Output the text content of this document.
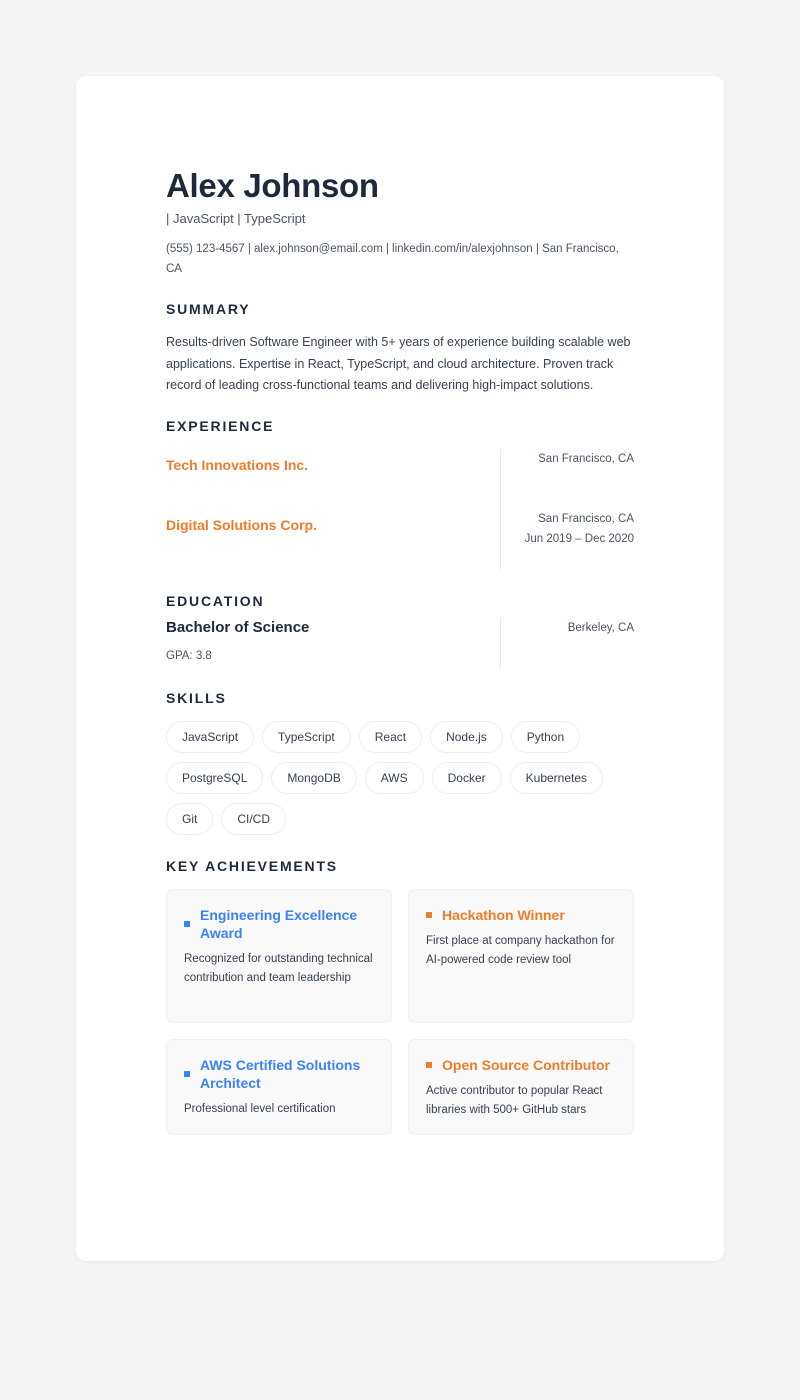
Alex Johnson
| JavaScript | TypeScript
(555) 123-4567 | alex.johnson@email.com | linkedin.com/in/alexjohnson | San Francisco, CA
SUMMARY

Results-driven Software Engineer with 5+ years of experience building scalable web applications. Expertise in React, TypeScript, and cloud architecture. Proven track record of leading cross-functional teams and delivering high-impact solutions.

EXPERIENCE
Tech Innovations Inc.	San Francisco, CA
Digital Solutions Corp.	San Francisco, CA
Jun 2019 – Dec 2020
EDUCATION
Bachelor of Science
GPA: 3.8
Berkeley, CA
SKILLS
JavaScript	TypeScript	React	Node.js	Python
PostgreSQL	MongoDB	AWS	Docker	Kubernetes
Git	CI/CD
KEY ACHIEVEMENTS
Engineering Excellence Award
Recognized for outstanding technical contribution and team leadership
Hackathon Winner
First place at company hackathon for AI-powered code review tool
AWS Certified Solutions Architect
Professional level certification
Open Source Contributor
Active contributor to popular React libraries with 500+ GitHub stars
